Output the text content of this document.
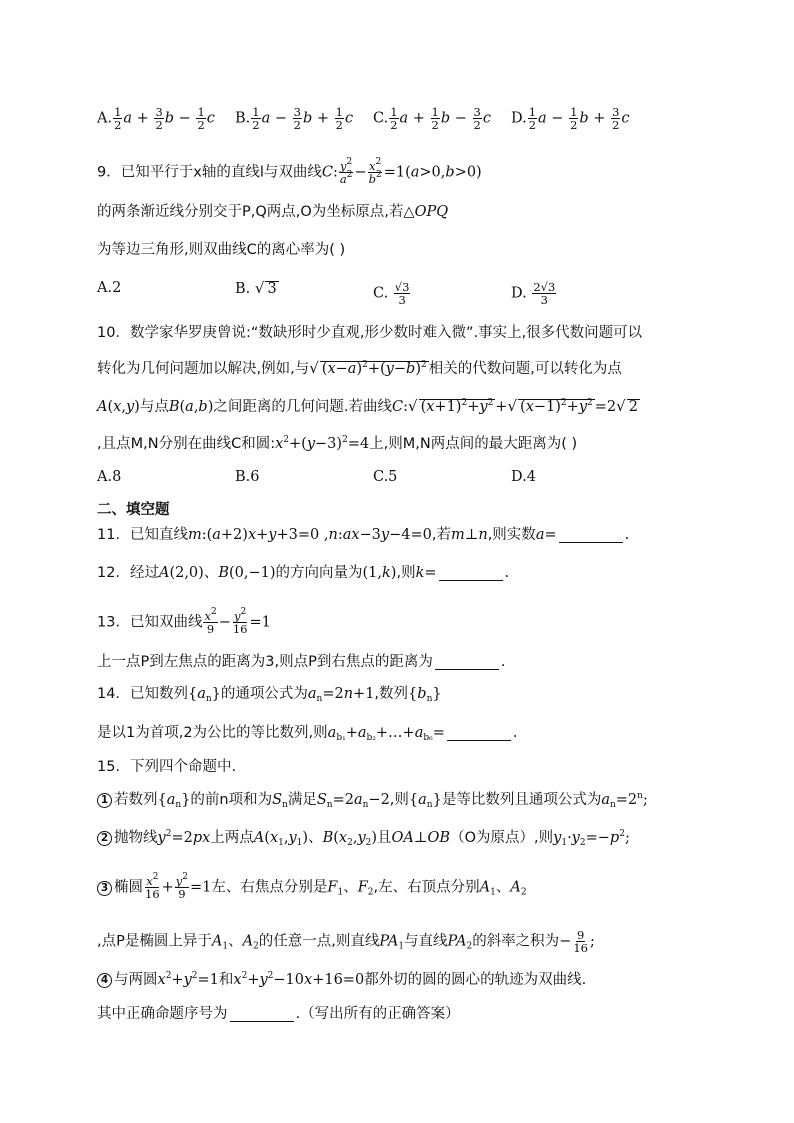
A. $\frac{1}{2}$ $a + \frac{3}{2}$ $b - \frac{1}{2}$ c	B. $\frac{1}{2}$ $a - \frac{3}{2}$ $b + \frac{1}{2}$ c	C. $\frac{1}{2}$ $a + \frac{1}{2}$ $b - \frac{3}{2}$ c	D. $\frac{1}{2}$ $a - \frac{1}{2}$ $b + \frac{3}{2}$ c
9．已知平行于x轴的直线l与双曲线C: $\frac{y^2}{a^2} - \frac{x^2}{b^2} =1(a>0,b>0)$
的两条渐近线分别交于P,Q两点,O为坐标原点,若△OPQ
为等边三角形,则双曲线C的离心率为( )
A.2	B. √ 3	C. $\frac{√3}{3}$	D. $\frac{2√3}{3}$
10．数学家华罗庚曾说:“数缺形时少直观,形少数时难入微”.事实上,很多代数问题可以
转化为几何问题加以解决,例如,与√ $(x-a)^2+(y-b)^2$ 相关的代数问题,可以转化为点
A(x,y)与点B(a,b)之间距离的几何问题.若曲线C:√ $(x+1)^2+y^2$ +√ $(x-1)^2+y^2 =2√$ 2
,且点M,N分别在曲线C和圆$:x^2+(y-3)^2=4$上,则M,N两点间的最大距离为( )
A.8	B.6	C.5	D.4
二、填空题
11．已知直线m:(a+2)x+y+3=0 ,n:ax−3y−4=0,若m⊥n,则实数a=	.
12．经过A(2,0)、B(0,−1)的方向向量为(1,k),则k=	.
13．已知双曲线 $\frac{x^2}{9} - \frac{y^2}{16} =1$
上一点P到左焦点的距离为3,则点P到右焦点的距离为	.
14．已知数列$\{a_n\}$的通项公式为$a_n=2n+1$,数列$\{b_n\}$
是以1为首项,2为公比的等比数列,则$a_{b_1}+a_{b_2}+\dots+a_{b_6}=$	.
15．下列四个命题中.
1 若数列$\{a_n\}$的前n项和为$S_n$满足$S_n=2a_n-2$,则$\{a_n\}$是等比数列且通项公式为$a_n=2^n$;
2 抛物线$y^2=2px$上两点$A(x_1,y_1)$、$B(x_2,y_2)$且OA⊥OB（O为原点）,则$y_1\cdot y_2=-p^2$;
3 椭圆 $\frac{x^2}{16} + \frac{y^2}{9} =1$左、右焦点分别是$F_1$、$F_2$,左、右顶点分别$A_1$、$A_2$
,点P是椭圆上异于$A_1$、$A_2$的任意一点,则直线$PA_1$与直线$PA_2$的斜率之积为− $\frac{9}{16}$ ;
4 与两圆$x^2+y^2=1$和$x^2+y^2-10x+16=0$都外切的圆的圆心的轨迹为双曲线.
其中正确命题序号为	.（写出所有的正确答案）
